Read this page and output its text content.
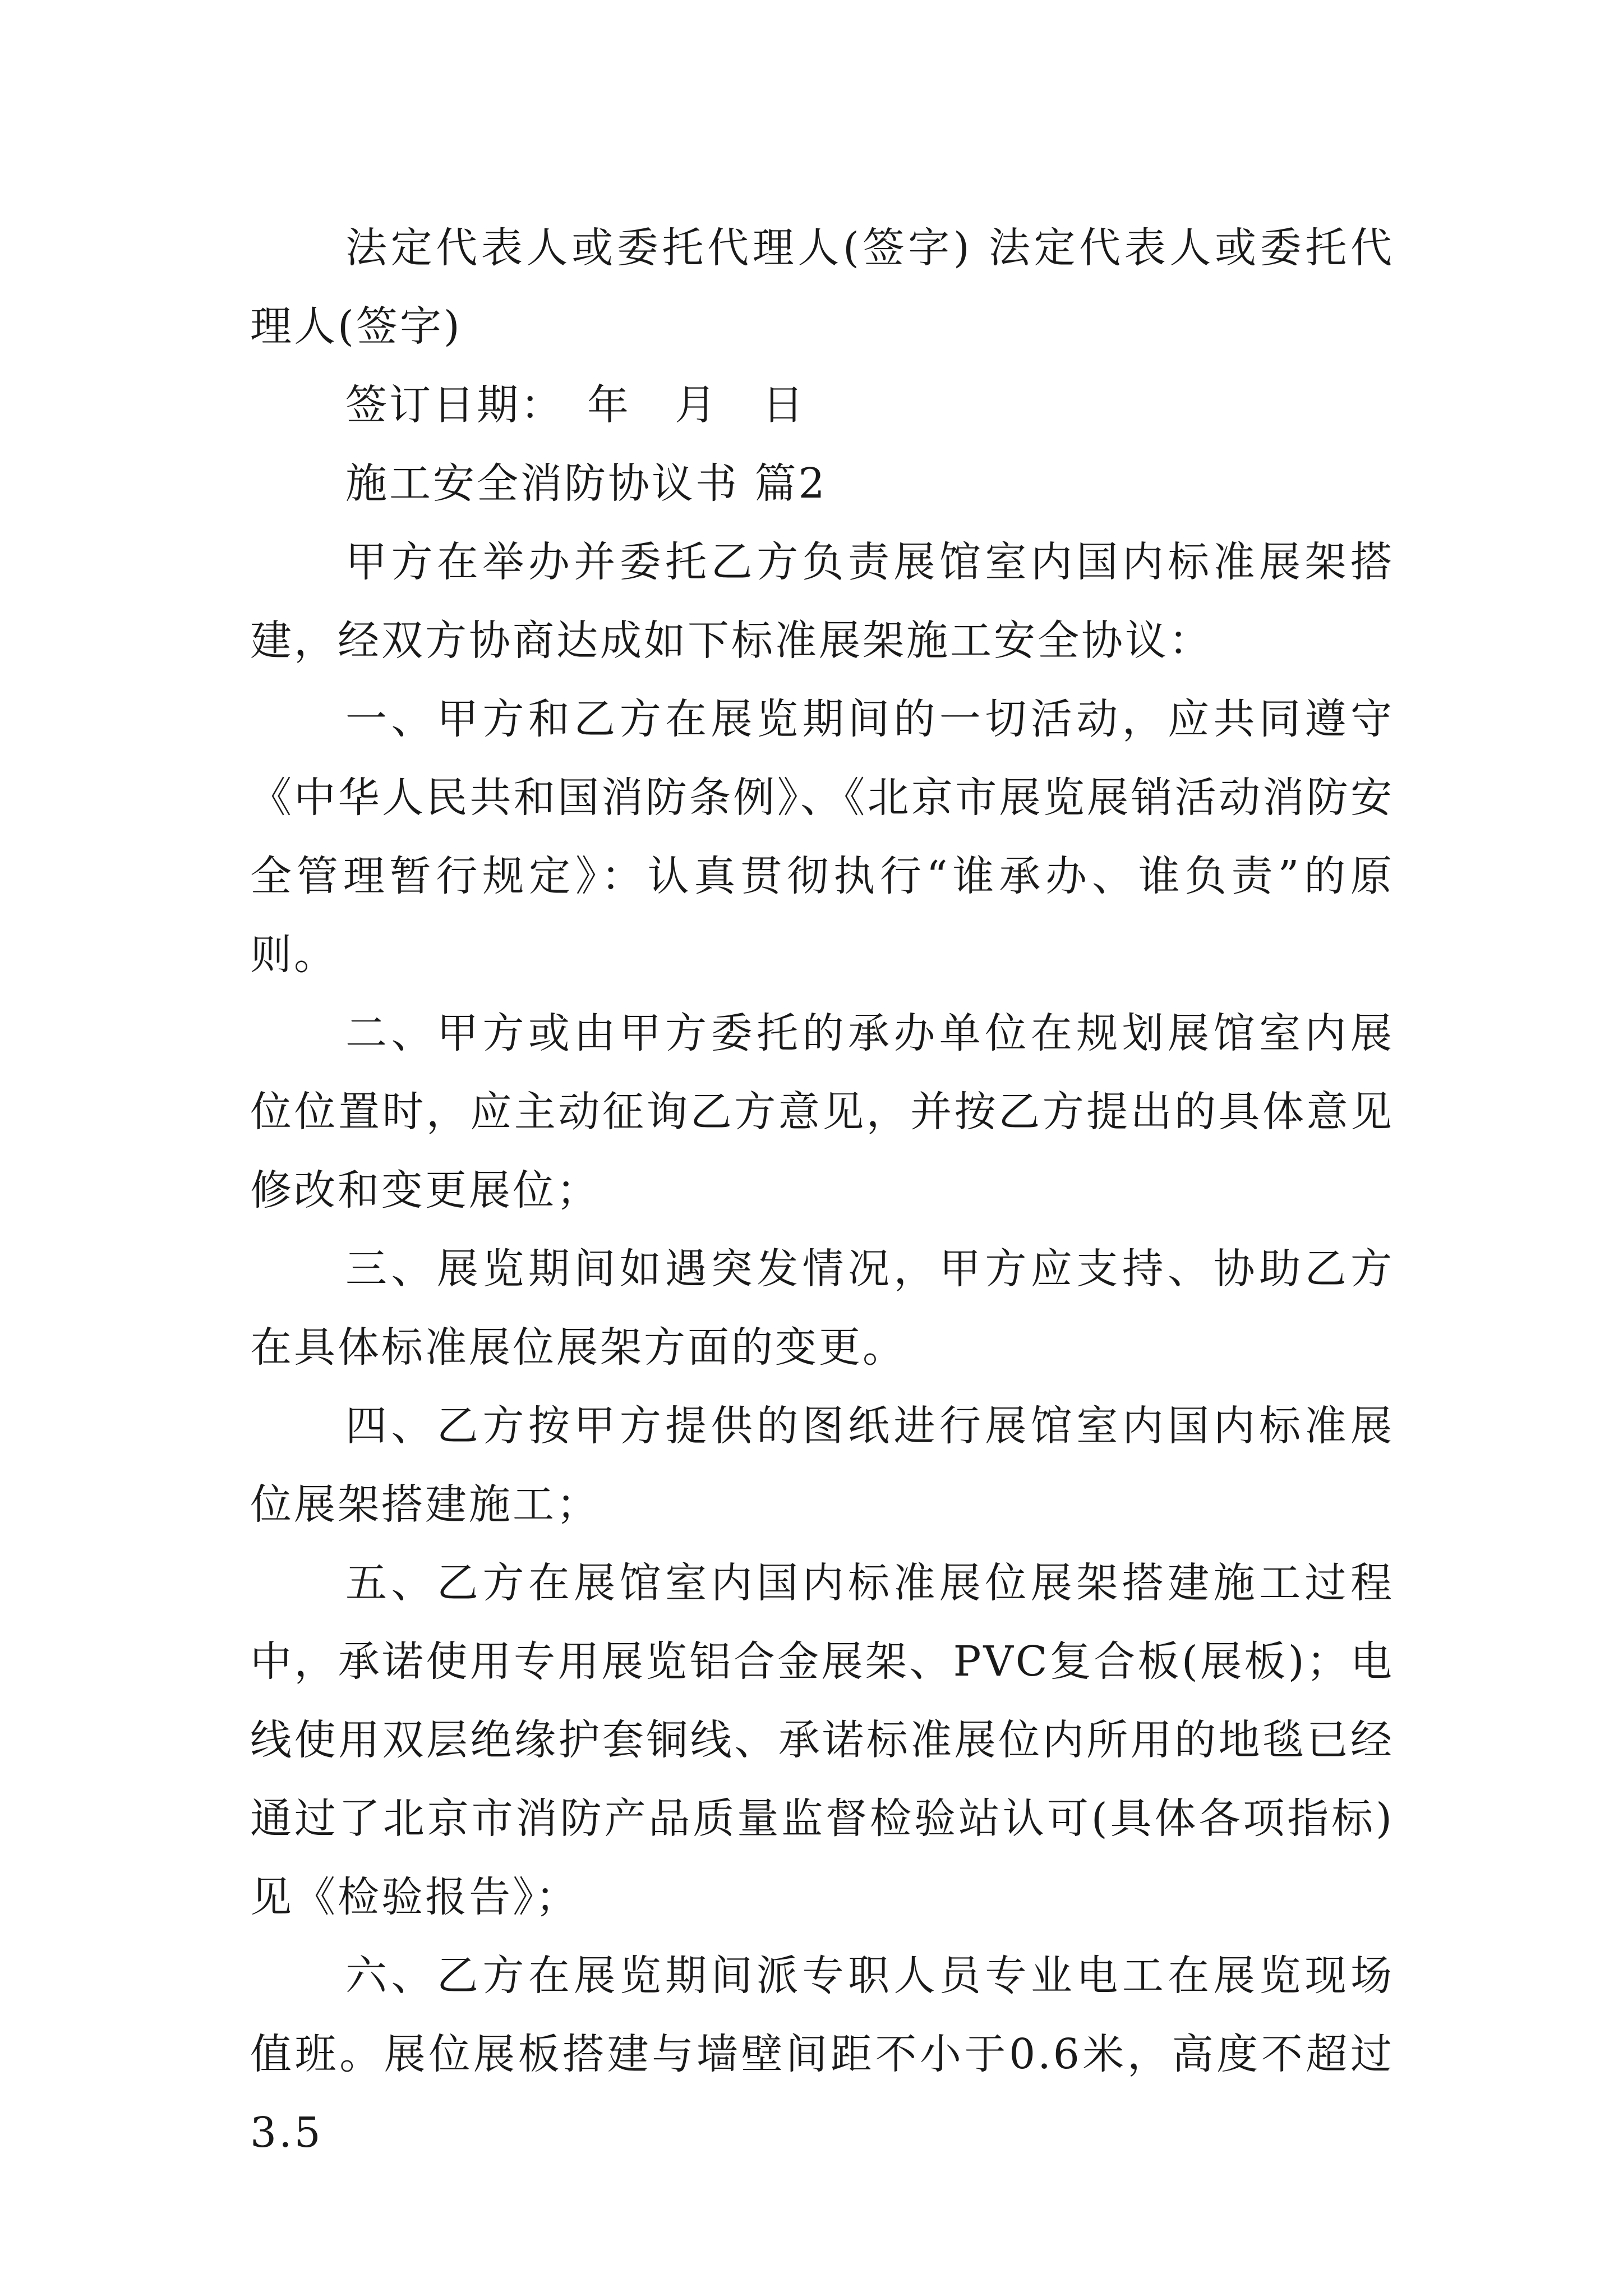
法定代表人或委托代理人(签字) 法定代表人或委托代理人(签字)

签订日期：　年　月　日

施工安全消防协议书 篇2

甲方在举办并委托乙方负责展馆室内国内标准展架搭建，经双方协商达成如下标准展架施工安全协议：

一、甲方和乙方在展览期间的一切活动，应共同遵守《中华人民共和国消防条例》、《北京市展览展销活动消防安全管理暂行规定》：认真贯彻执行“谁承办、谁负责”的原则。

二、甲方或由甲方委托的承办单位在规划展馆室内展位位置时，应主动征询乙方意见，并按乙方提出的具体意见修改和变更展位；

三、展览期间如遇突发情况，甲方应支持、协助乙方在具体标准展位展架方面的变更。

四、乙方按甲方提供的图纸进行展馆室内国内标准展位展架搭建施工；

五、乙方在展馆室内国内标准展位展架搭建施工过程中，承诺使用专用展览铝合金展架、PVC复合板(展板)；电线使用双层绝缘护套铜线、承诺标准展位内所用的地毯已经通过了北京市消防产品质量监督检验站认可(具体各项指标)见《检验报告》；

六、乙方在展览期间派专职人员专业电工在展览现场值班。展位展板搭建与墙壁间距不小于0.6米，高度不超过3.5
